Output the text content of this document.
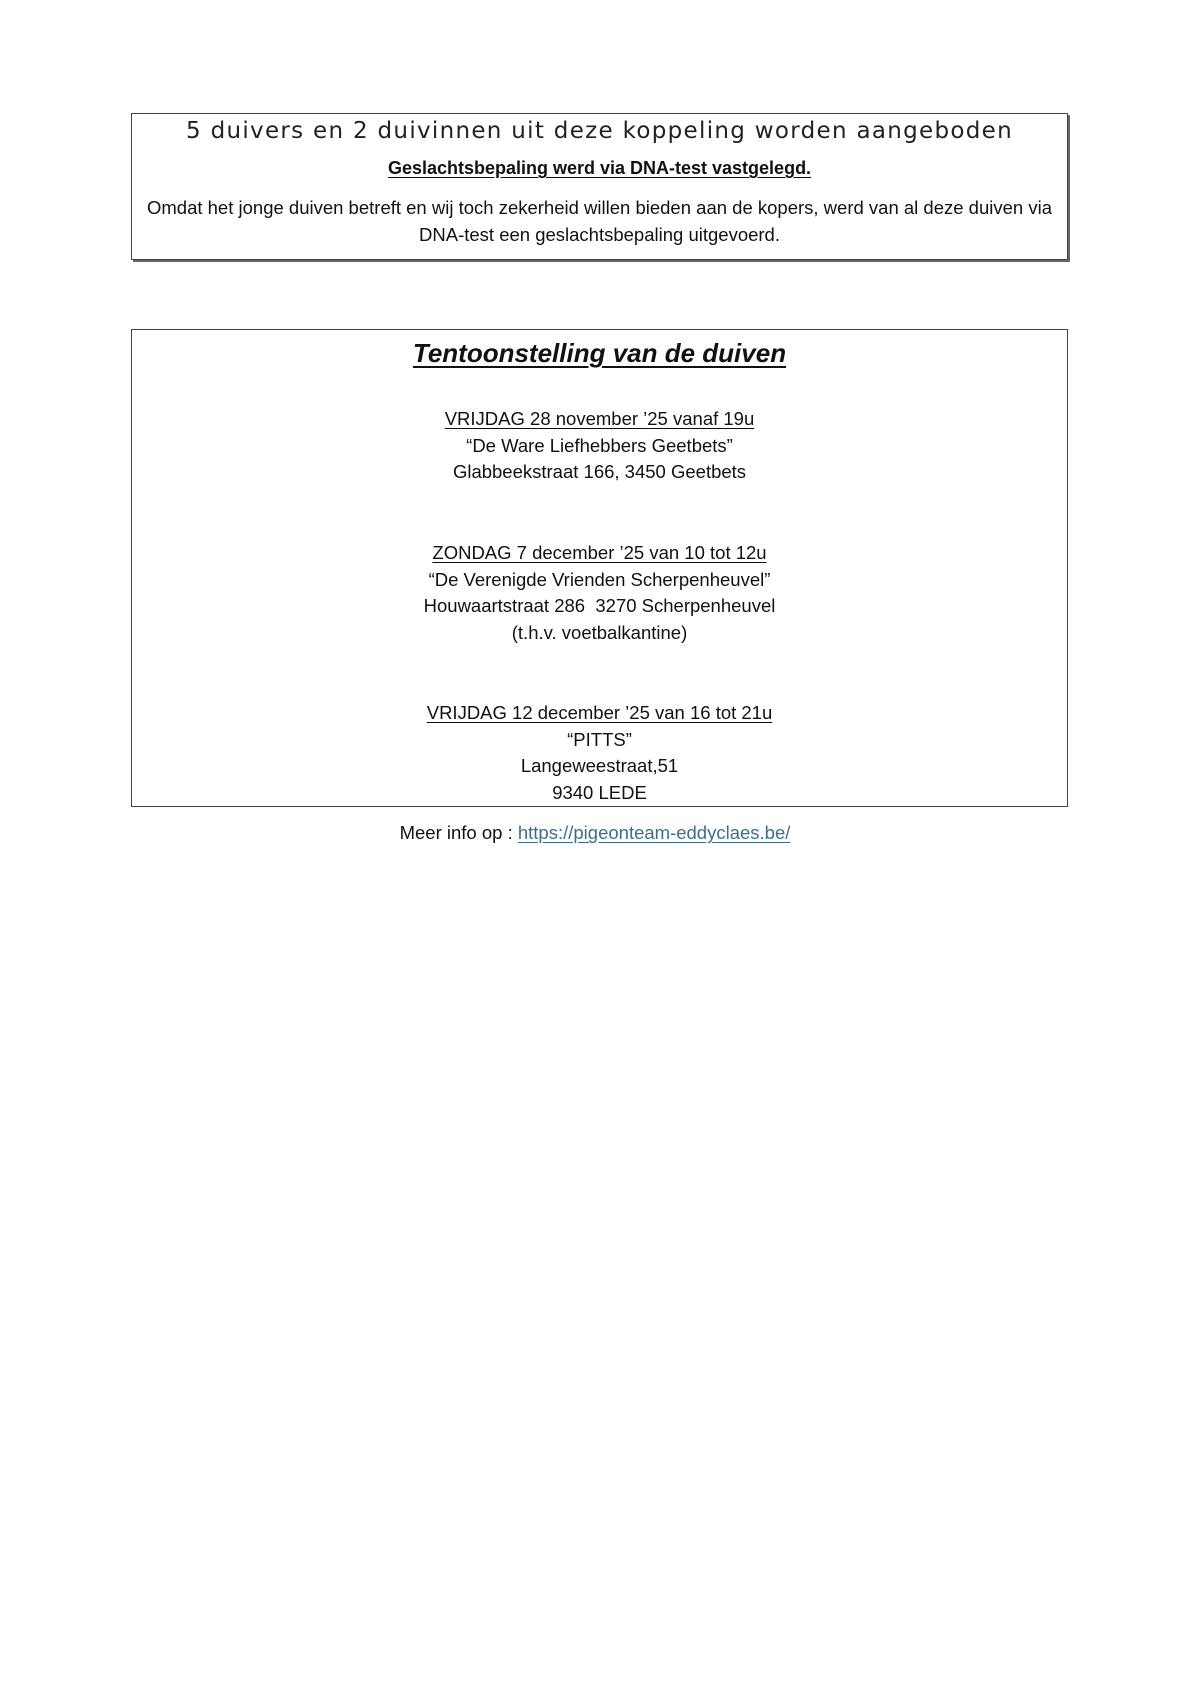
5 duivers en 2 duivinnen uit deze koppeling worden aangeboden
Geslachtsbepaling werd via DNA-test vastgelegd.
Omdat het jonge duiven betreft en wij toch zekerheid willen bieden aan de kopers, werd van al deze duiven via DNA-test een geslachtsbepaling uitgevoerd.
Tentoonstelling van de duiven
VRIJDAG 28 november ’25 vanaf 19u
“De Ware Liefhebbers Geetbets”
Glabbeekstraat 166, 3450 Geetbets
ZONDAG 7 december ’25 van 10 tot 12u
“De Verenigde Vrienden Scherpenheuvel”
Houwaartstraat 286  3270 Scherpenheuvel
(t.h.v. voetbalkantine)
VRIJDAG 12 december ’25 van 16 tot 21u
“PITTS”
Langeweestraat,51
9340 LEDE
Meer info op : https://pigeonteam-eddyclaes.be/
